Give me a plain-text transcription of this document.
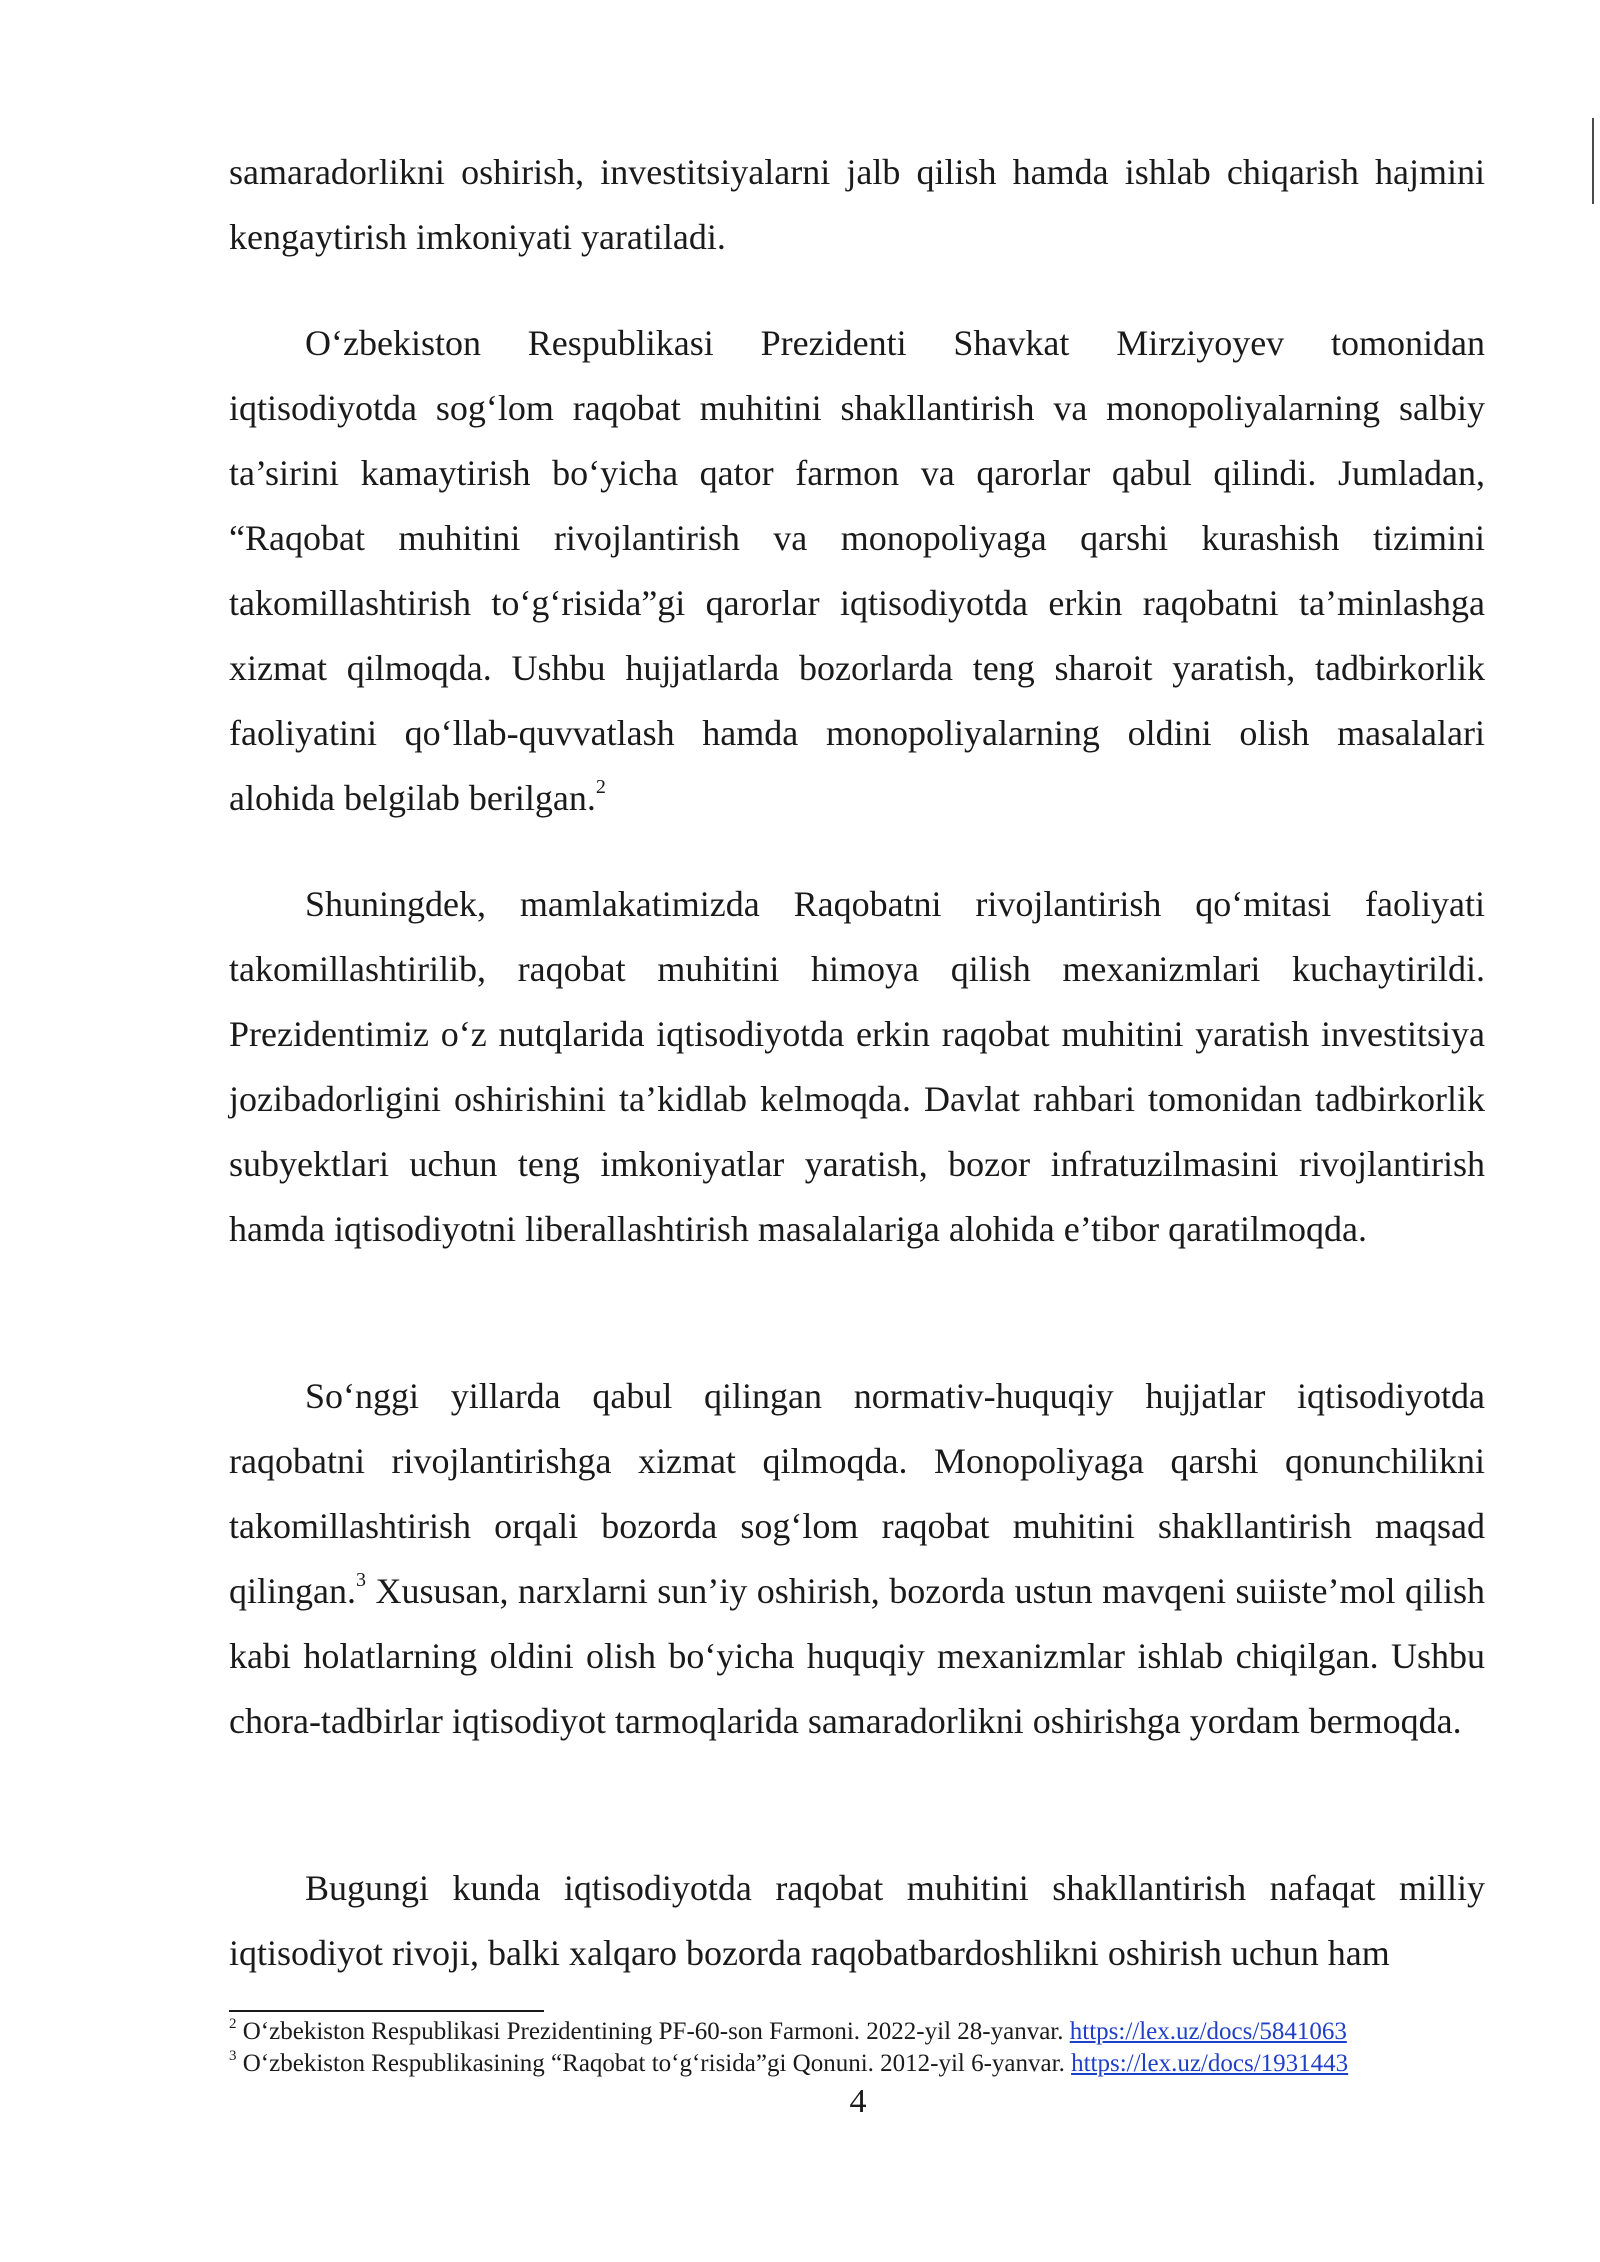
samaradorlikni oshirish, investitsiyalarni jalb qilish hamda ishlab chiqarish hajmini kengaytirish imkoniyati yaratiladi.
O‘zbekiston Respublikasi Prezidenti Shavkat Mirziyoyev tomonidan iqtisodiyotda sog‘lom raqobat muhitini shakllantirish va monopoliyalarning salbiy ta’sirini kamaytirish bo‘yicha qator farmon va qarorlar qabul qilindi. Jumladan, “Raqobat muhitini rivojlantirish va monopoliyaga qarshi kurashish tizimini takomillashtirish to‘g‘risida”gi qarorlar iqtisodiyotda erkin raqobatni ta’minlashga xizmat qilmoqda. Ushbu hujjatlarda bozorlarda teng sharoit yaratish, tadbirkorlik faoliyatini qo‘llab-quvvatlash hamda monopoliyalarning oldini olish masalalari alohida belgilab berilgan.$^2$
Shuningdek, mamlakatimizda Raqobatni rivojlantirish qo‘mitasi faoliyati takomillashtirilib, raqobat muhitini himoya qilish mexanizmlari kuchaytirildi. Prezidentimiz o‘z nutqlarida iqtisodiyotda erkin raqobat muhitini yaratish investitsiya jozibadorligini oshirishini ta’kidlab kelmoqda. Davlat rahbari tomonidan tadbirkorlik subyektlari uchun teng imkoniyatlar yaratish, bozor infratuzilmasini rivojlantirish hamda iqtisodiyotni liberallashtirish masalalariga alohida e’tibor qaratilmoqda.
So‘nggi yillarda qabul qilingan normativ-huquqiy hujjatlar iqtisodiyotda raqobatni rivojlantirishga xizmat qilmoqda. Monopoliyaga qarshi qonunchilikni takomillashtirish orqali bozorda sog‘lom raqobat muhitini shakllantirish maqsad qilingan.$^3$ Xususan, narxlarni sun’iy oshirish, bozorda ustun mavqeni suiiste’mol qilish kabi holatlarning oldini olish bo‘yicha huquqiy mexanizmlar ishlab chiqilgan. Ushbu chora-tadbirlar iqtisodiyot tarmoqlarida samaradorlikni oshirishga yordam bermoqda.
Bugungi kunda iqtisodiyotda raqobat muhitini shakllantirish nafaqat milliy iqtisodiyot rivoji, balki xalqaro bozorda raqobatbardoshlikni oshirish uchun ham
$^2$ O‘zbekiston Respublikasi Prezidentining PF-60-son Farmoni. 2022-yil 28-yanvar. https://lex.uz/docs/5841063
$^3$ O‘zbekiston Respublikasining “Raqobat to‘g‘risida”gi Qonuni. 2012-yil 6-yanvar. https://lex.uz/docs/1931443
4
